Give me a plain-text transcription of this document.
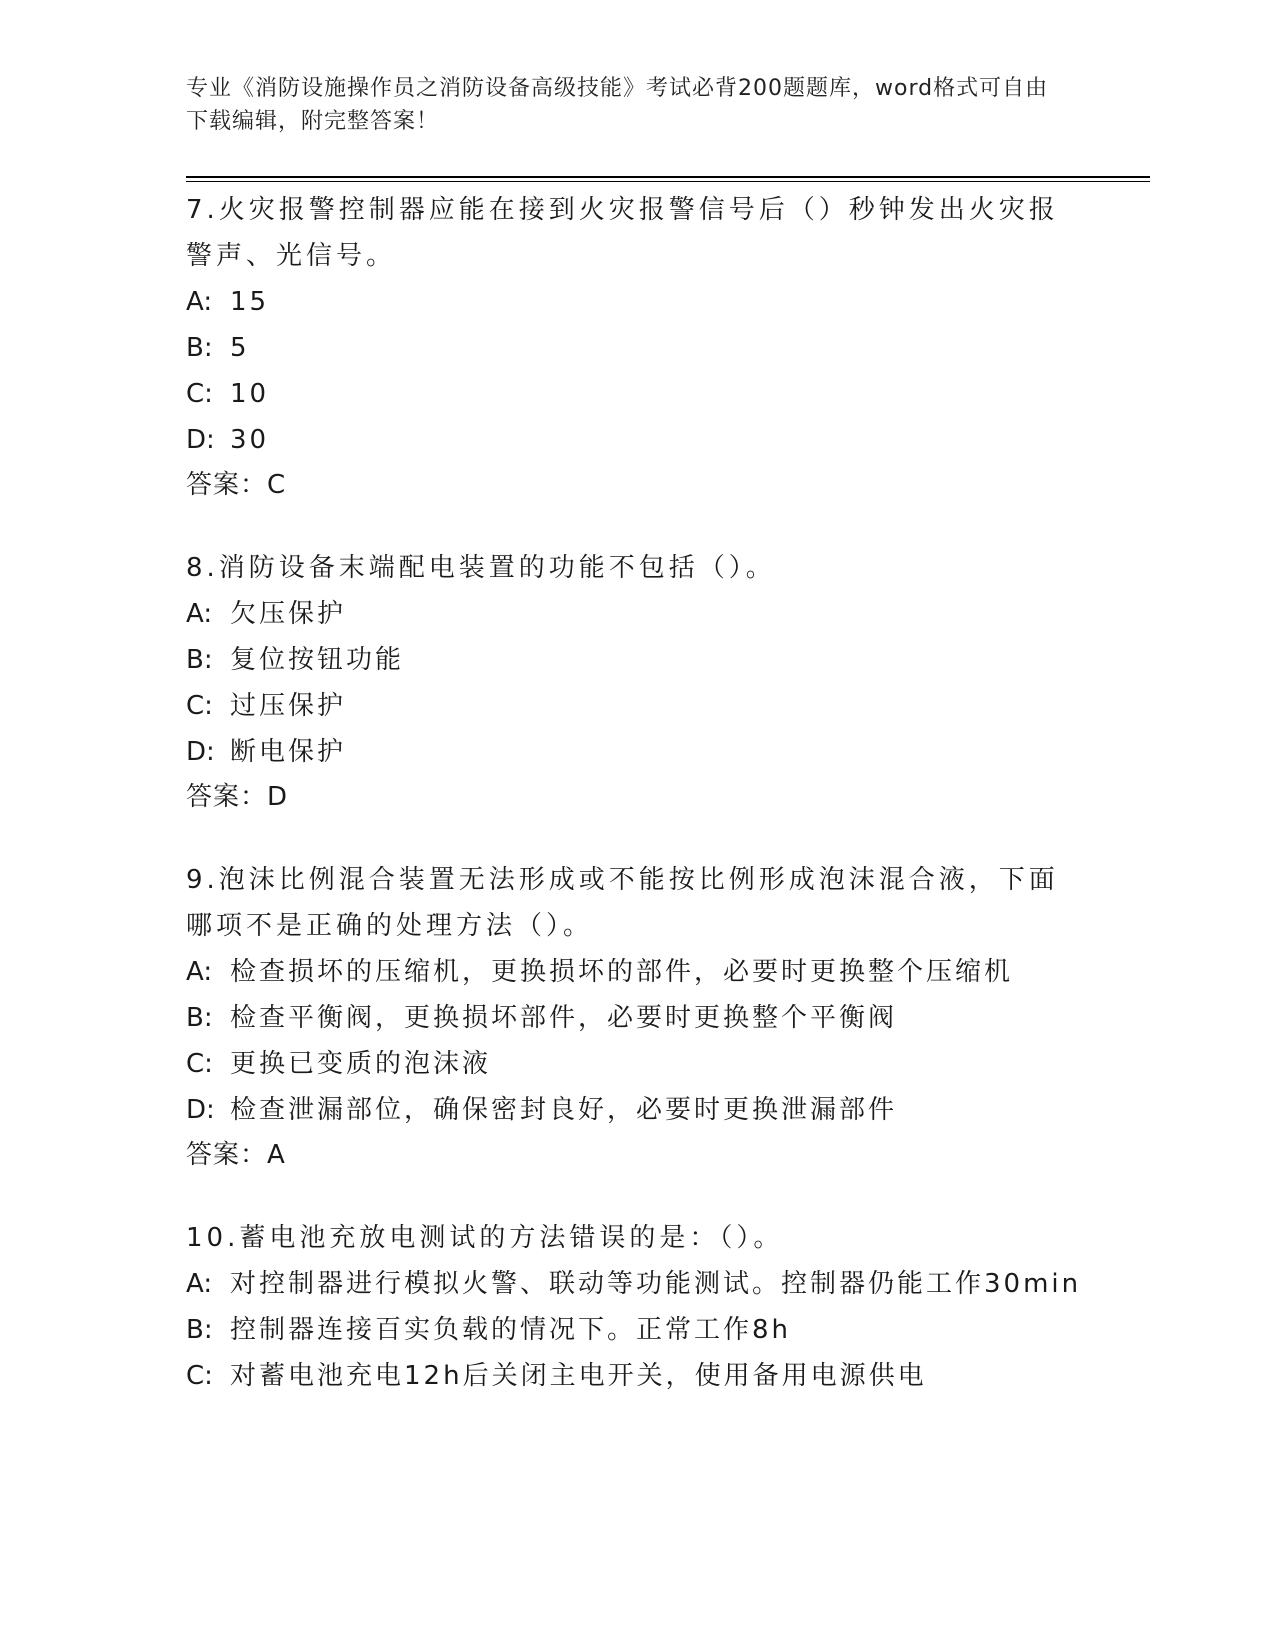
专业《消防设施操作员之消防设备高级技能》考试必背200题题库，word格式可自由下载编辑，附完整答案！

7.火灾报警控制器应能在接到火灾报警信号后（）秒钟发出火灾报警声、光信号。

A: 15

B: 5

C: 10

D: 30

答案：C

8.消防设备末端配电装置的功能不包括（）。

A: 欠压保护

B: 复位按钮功能

C: 过压保护

D: 断电保护

答案：D

9.泡沫比例混合装置无法形成或不能按比例形成泡沫混合液，下面哪项不是正确的处理方法（）。

A: 检查损坏的压缩机，更换损坏的部件，必要时更换整个压缩机

B: 检查平衡阀，更换损坏部件，必要时更换整个平衡阀

C: 更换已变质的泡沫液

D: 检查泄漏部位，确保密封良好，必要时更换泄漏部件

答案：A

10.蓄电池充放电测试的方法错误的是：（）。

A: 对控制器进行模拟火警、联动等功能测试。控制器仍能工作30min

B: 控制器连接百实负载的情况下。正常工作8h

C: 对蓄电池充电12h后关闭主电开关，使用备用电源供电
